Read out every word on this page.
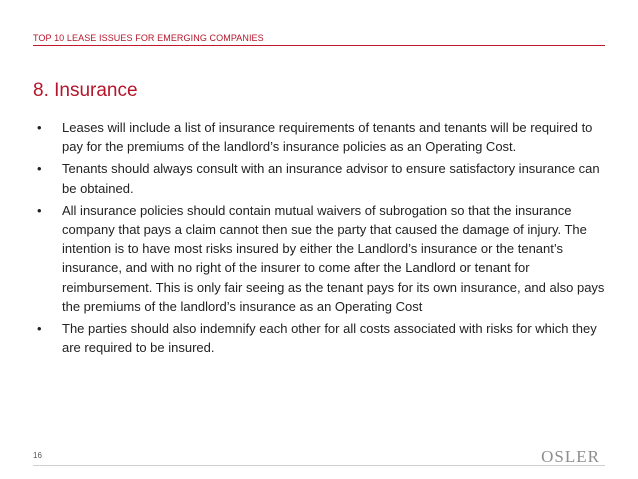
TOP 10 LEASE ISSUES FOR EMERGING COMPANIES
8. Insurance
• Leases will include a list of insurance requirements of tenants and tenants will be required to pay for the premiums of the landlord’s insurance policies as an Operating Cost.
• Tenants should always consult with an insurance advisor to ensure satisfactory insurance can be obtained.
• All insurance policies should contain mutual waivers of subrogation so that the insurance company that pays a claim cannot then sue the party that caused the damage of injury. The intention is to have most risks insured by either the Landlord’s insurance or the tenant’s insurance, and with no right of the insurer to come after the Landlord or tenant for reimbursement. This is only fair seeing as the tenant pays for its own insurance, and also pays the premiums of the landlord’s insurance as an Operating Cost
• The parties should also indemnify each other for all costs associated with risks for which they are required to be insured.
16	OSLER
